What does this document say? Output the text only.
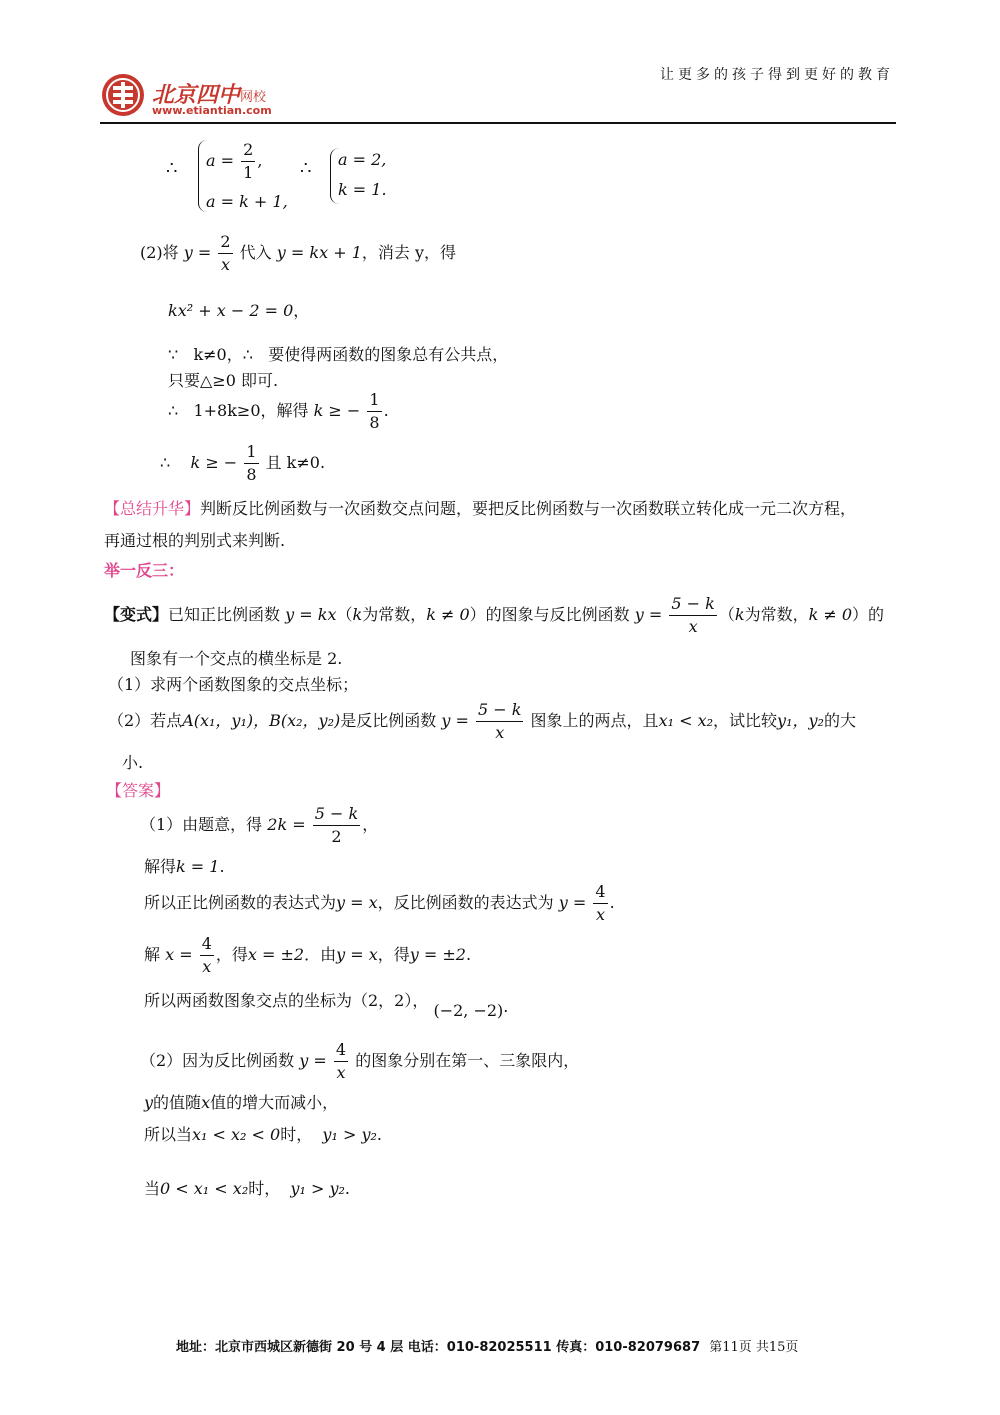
北京四中 网校
www.etiantian.com
让更多的孩子得到更好的教育
∴ $a = \frac{2}{1}$ ,
a = k + 1,
∴ a = 2,
k = 1.
(2)将 $y = \frac{2}{x}$ 代入 y = kx + 1，消去 y，得
kx² + x − 2 = 0，
∵ k≠0，∴ 要使得两函数的图象总有公共点，
只要△≥0 即可.
∴ 1+8k≥0，解得 k ≥ − $\frac{1}{8}$ .
∴ k ≥ − $\frac{1}{8}$ 且 k≠0.
【总结升华】判断反比例函数与一次函数交点问题，要把反比例函数与一次函数联立转化成一元二次方程，
再通过根的判别式来判断.
举一反三：
【变式】已知正比例函数 y = kx（k为常数，k ≠ 0）的图象与反比例函数 $y = \frac{5 - k}{x} (k$为常数，k ≠ 0）的
图象有一个交点的横坐标是 2.
（1）求两个函数图象的交点坐标；
（2）若点A(x₁，y₁)，B(x₂，y₂)是反比例函数 $y = \frac{5 - k}{x}$ 图象上的两点，且x₁ < x₂，试比较y₁，y₂的大
小.
【答案】
（1）由题意，得 $2k = \frac{5 - k}{2}$ ，
解得k = 1.
所以正比例函数的表达式为y = x，反比例函数的表达式为 $y = \frac{4}{x}$ .
解 $x = \frac{4}{x}$ ，得x = ±2．由y = x，得y = ±2.
所以两函数图象交点的坐标为（2，2）， (−2, −2).
（2）因为反比例函数 $y = \frac{4}{x}$ 的图象分别在第一、三象限内，
y的值随x值的增大而减小，
所以当x₁ < x₂ < 0时， y₁ > y₂.
当0 < x₁ < x₂时， y₁ > y₂.
地址：北京市西城区新德街 20 号 4 层 电话：010-82025511 传真：010-82079687 第11页 共15页
